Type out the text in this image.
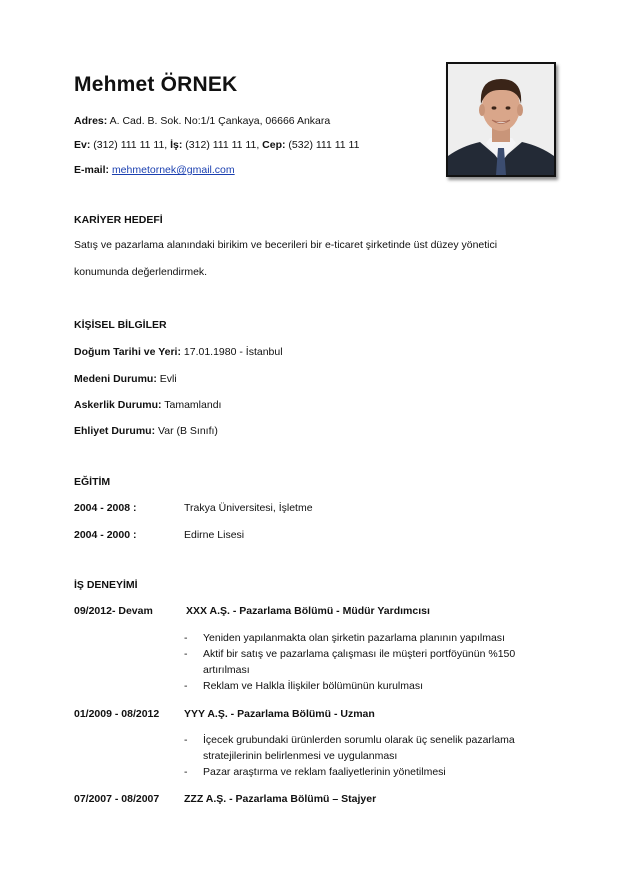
Mehmet ÖRNEK
Adres: A. Cad. B. Sok. No:1/1 Çankaya, 06666 Ankara
Ev: (312) 111 11 11, İş: (312) 111 11 11, Cep: (532) 111 11 11
E-mail: mehmetornek@gmail.com
KARİYER HEDEFİ
Satış ve pazarlama alanındaki birikim ve becerileri bir e-ticaret şirketinde üst düzey yönetici konumunda değerlendirmek.
KİŞİSEL BİLGİLER
Doğum Tarihi ve Yeri: 17.01.1980 - İstanbul
Medeni Durumu: Evli
Askerlik Durumu: Tamamlandı
Ehliyet Durumu: Var (B Sınıfı)
EĞİTİM
2004 - 2008 :	Trakya Üniversitesi, İşletme
2004 - 2000 :	Edirne Lisesi
İŞ DENEYİMİ
09/2012- Devam	XXX A.Ş. - Pazarlama Bölümü - Müdür Yardımcısı
- Yeniden yapılanmakta olan şirketin pazarlama planının yapılması
- Aktif bir satış ve pazarlama çalışması ile müşteri portföyünün %150 artırılması
- Reklam ve Halkla İlişkiler bölümünün kurulması
01/2009 - 08/2012 YYY A.Ş. - Pazarlama Bölümü - Uzman
- İçecek grubundaki ürünlerden sorumlu olarak üç senelik pazarlama stratejilerinin belirlenmesi ve uygulanması
- Pazar araştırma ve reklam faaliyetlerinin yönetilmesi
07/2007 - 08/2007 ZZZ A.Ş. - Pazarlama Bölümü – Stajyer
